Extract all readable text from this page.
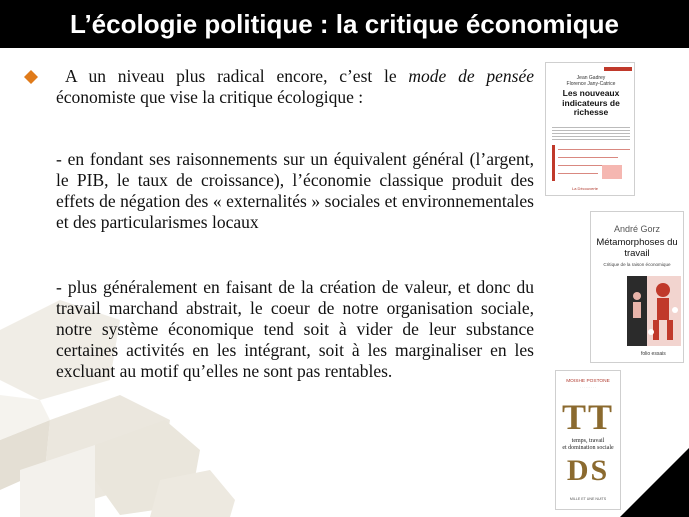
L’écologie politique : la critique économique
A un niveau plus radical encore, c’est le mode de pensée économiste que vise la critique écologique :
- en fondant ses raisonnements sur un équivalent général (l’argent, le PIB, le taux de croissance), l’économie classique produit des effets de négation des « externalités » sociales et environnementales et des particularismes locaux
- plus généralement en faisant de la création de valeur, et donc du travail marchand abstrait, le coeur de notre organisation sociale, notre système économique tend soit à vider de leur substance certaines activités en les intégrant, soit à les marginaliser en les excluant au motif qu’elles ne sont pas rentables.
Jean Gadrey
Florence Jany-Catrice
Les nouveaux indicateurs de richesse
La Découverte
André Gorz
Métamorphoses du travail
Critique de la raison économique
folio essais
MOISHE POSTONE
· · · · · · · · ·
TT
temps, travail
et domination sociale
DS
MILLE ET UNE NUITS
